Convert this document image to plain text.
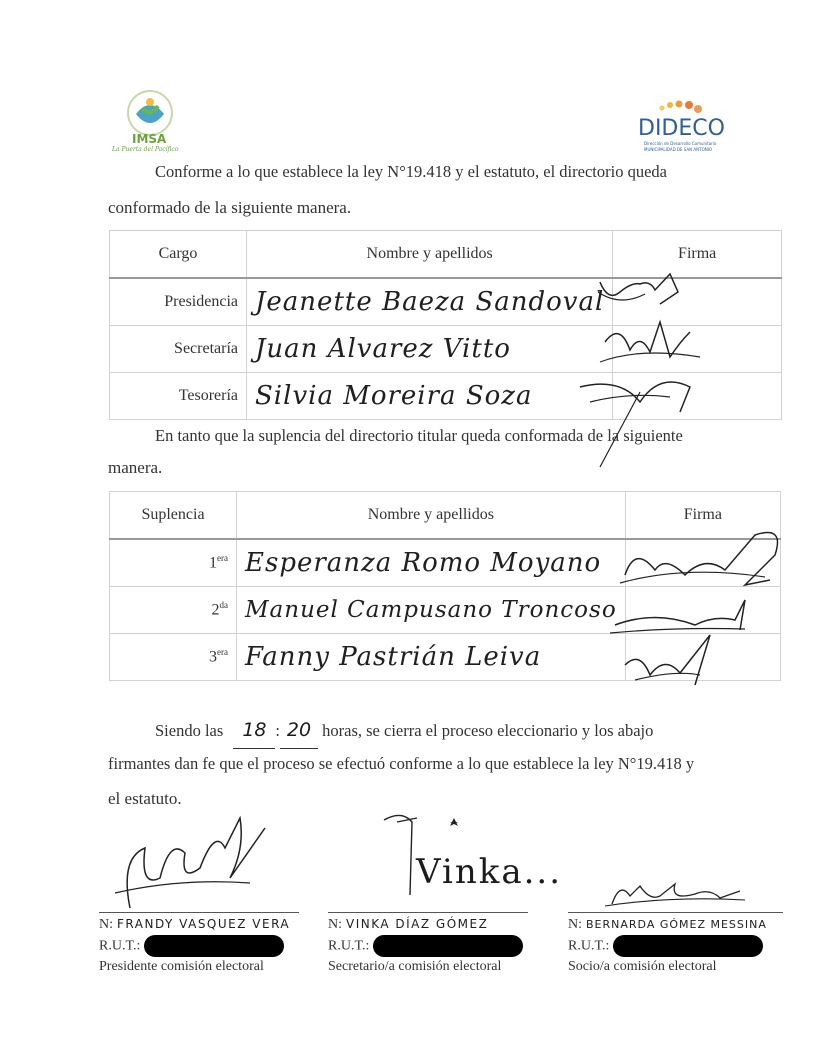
IMSA
La Puerta del Pacífico
DIDECO
Dirección de Desarrollo Comunitario
MUNICIPALIDAD DE SAN ANTONIO
Conforme a lo que establece la ley N°19.418 y el estatuto, el directorio queda
conformado de la siguiente manera.
Cargo	Nombre y apellidos	Firma
Presidencia	Jeanette Baeza Sandoval	
Secretaría	Juan Alvarez Vitto	
Tesorería	Silvia Moreira Soza	
En tanto que la suplencia del directorio titular queda conformada de la siguiente
manera.
Suplencia	Nombre y apellidos	Firma
$1^{era}$	Esperanza Romo Moyano	
$2^{da}$	Manuel Campusano Troncoso	
$3^{era}$	Fanny Pastrián Leiva	
Siendo las 18 : 20 horas, se cierra el proceso eleccionario y los abajo
firmantes dan fe que el proceso se efectuó conforme a lo que establece la ley N°19.418 y
el estatuto.
Vinka...
N: FRANDY VASQUEZ VERA
R.U.T.:
Presidente comisión electoral
N: VINKA DÍAZ GÓMEZ
R.U.T.:
Secretario/a comisión electoral
N: BERNARDA GÓMEZ MESSINA
R.U.T.:
Socio/a comisión electoral
